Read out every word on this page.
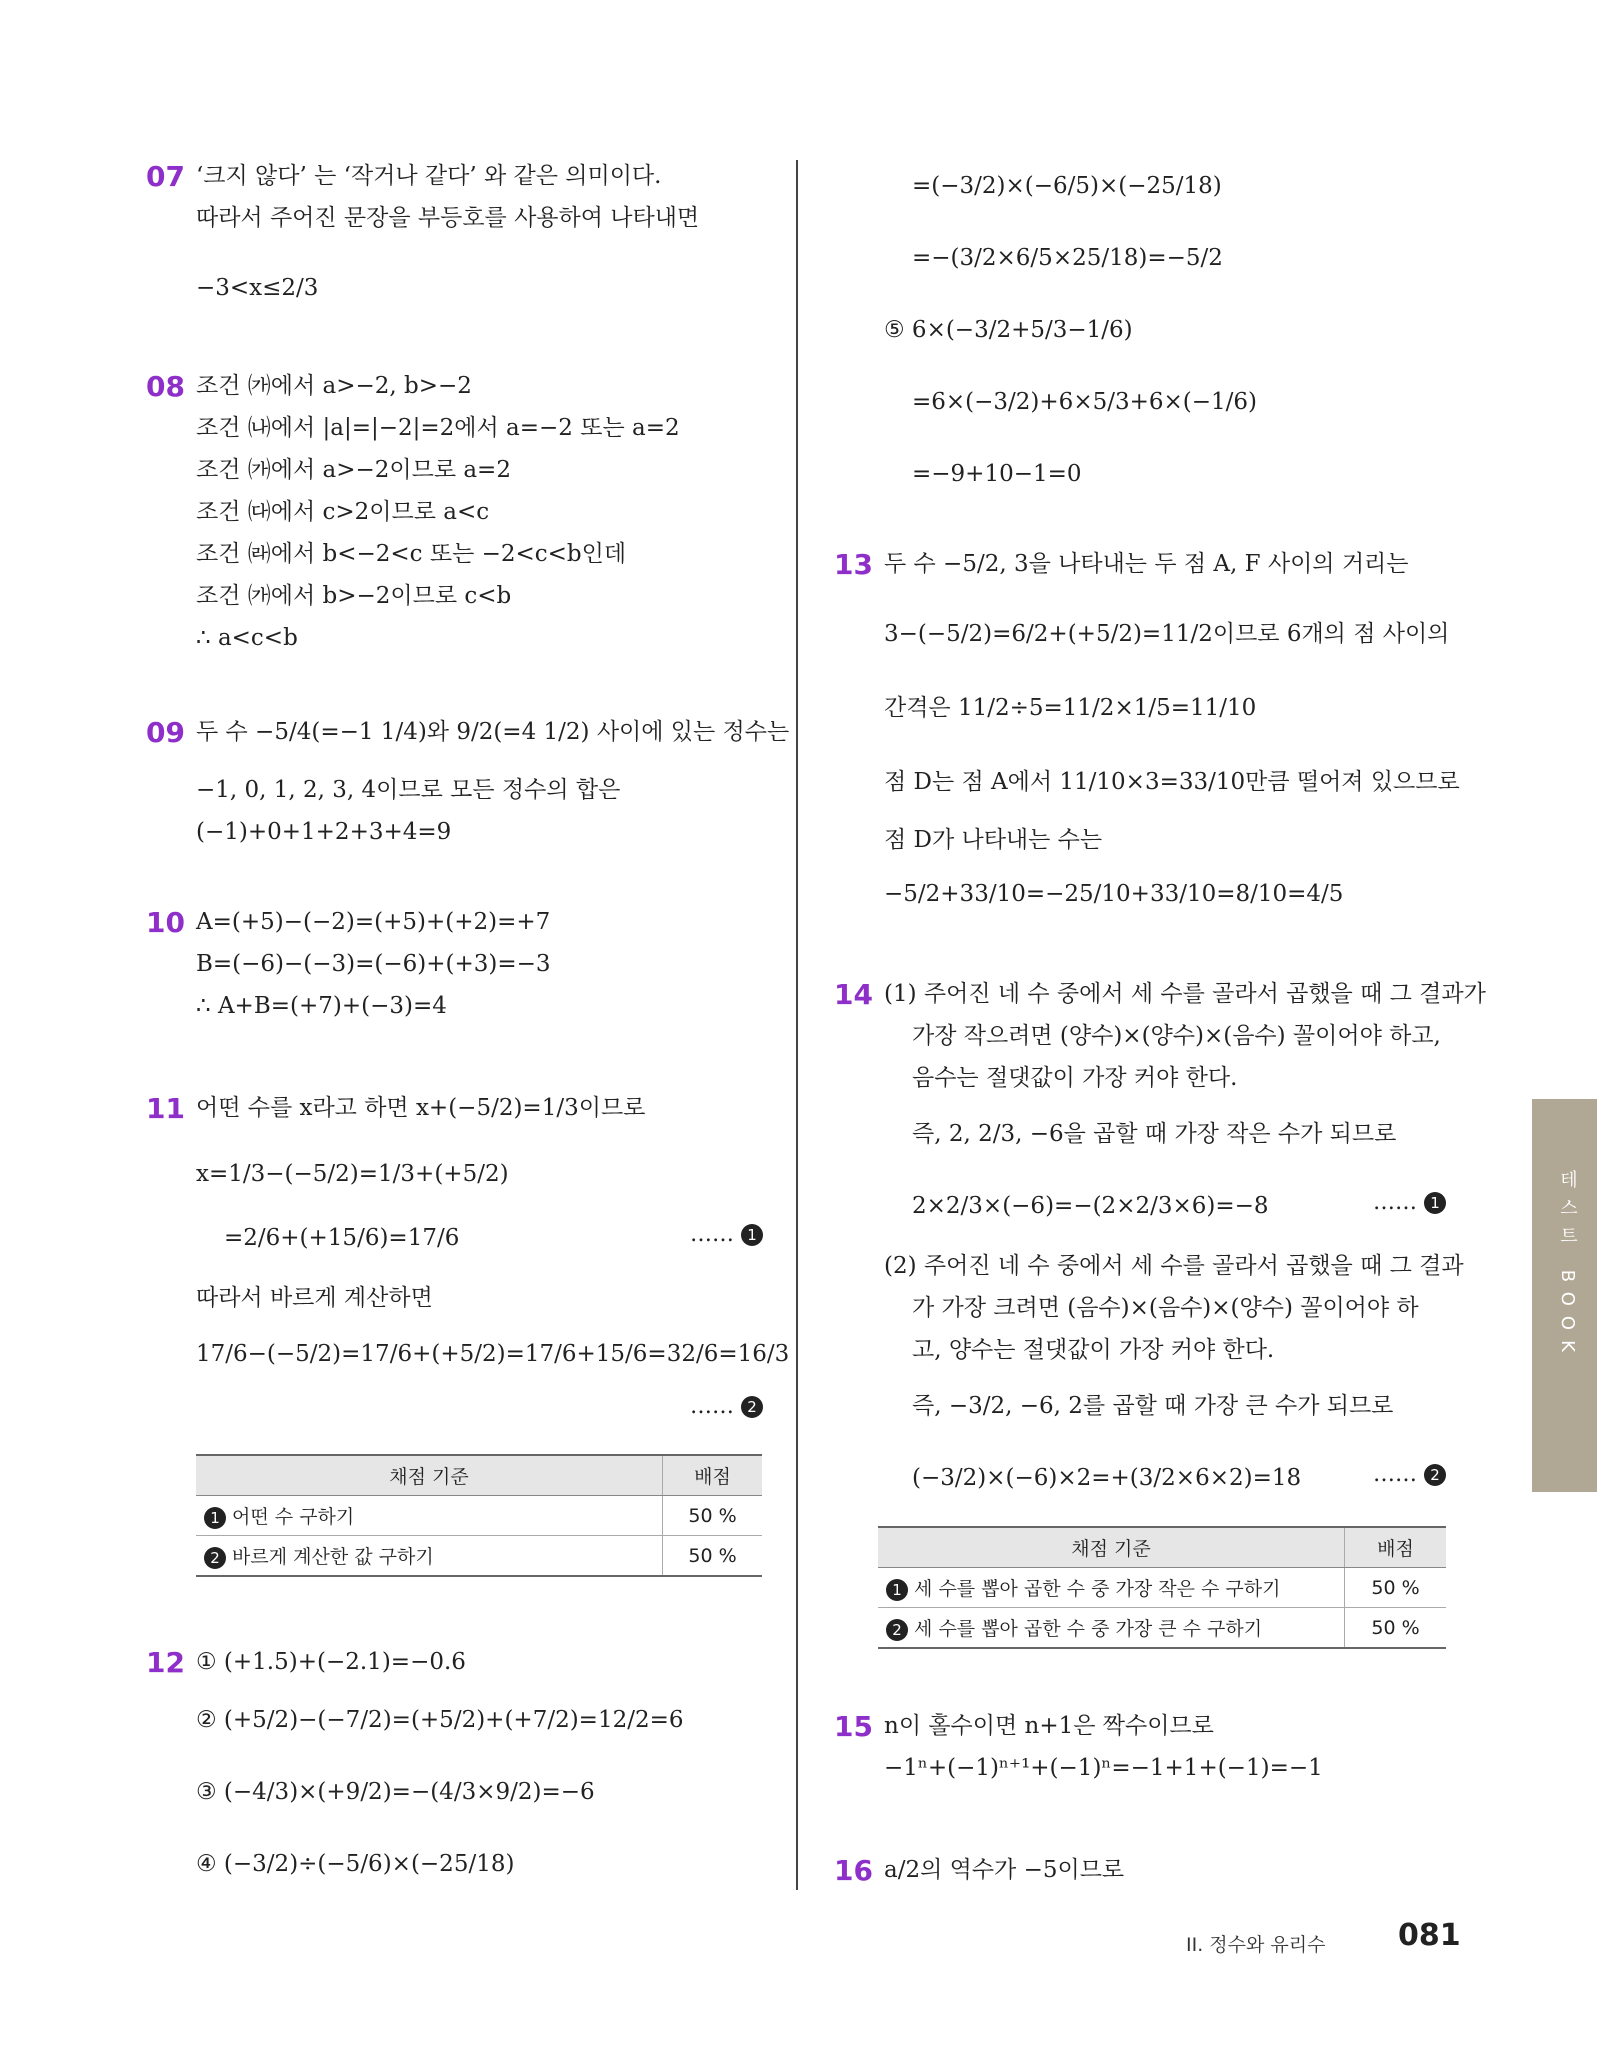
07 ‘크지 않다’ 는 ‘작거나 같다’ 와 같은 의미이다.
따라서 주어진 문장을 부등호를 사용하여 나타내면
−3<x≤2/3
08 조건 ㈎에서 a>−2, b>−2
조건 ㈏에서 |a|=|−2|=2에서 a=−2 또는 a=2
조건 ㈎에서 a>−2이므로 a=2
조건 ㈐에서 c>2이므로 a<c
조건 ㈑에서 b<−2<c 또는 −2<c<b인데
조건 ㈎에서 b>−2이므로 c<b
∴ a<c<b
09 두 수 −5/4(=−1 1/4)와 9/2(=4 1/2) 사이에 있는 정수는
−1, 0, 1, 2, 3, 4이므로 모든 정수의 합은
(−1)+0+1+2+3+4=9
10 A=(+5)−(−2)=(+5)+(+2)=+7
B=(−6)−(−3)=(−6)+(+3)=−3
∴ A+B=(+7)+(−3)=4
11 어떤 수를 x라고 하면 x+(−5/2)=1/3이므로
x=1/3−(−5/2)=1/3+(+5/2)
=2/6+(+15/6)=17/6	…… 1
따라서 바르게 계산하면
17/6−(−5/2)=17/6+(+5/2)=17/6+15/6=32/6=16/3
…… 2
채점 기준	배점
1 어떤 수 구하기	50 %
2 바르게 계산한 값 구하기	50 %
12 ① (+1.5)+(−2.1)=−0.6
② (+5/2)−(−7/2)=(+5/2)+(+7/2)=12/2=6
③ (−4/3)×(+9/2)=−(4/3×9/2)=−6
④ (−3/2)÷(−5/6)×(−25/18)
=(−3/2)×(−6/5)×(−25/18)
=−(3/2×6/5×25/18)=−5/2
⑤ 6×(−3/2+5/3−1/6)
=6×(−3/2)+6×5/3+6×(−1/6)
=−9+10−1=0
13 두 수 −5/2, 3을 나타내는 두 점 A, F 사이의 거리는
3−(−5/2)=6/2+(+5/2)=11/2이므로 6개의 점 사이의
간격은 11/2÷5=11/2×1/5=11/10
점 D는 점 A에서 11/10×3=33/10만큼 떨어져 있으므로
점 D가 나타내는 수는
−5/2+33/10=−25/10+33/10=8/10=4/5
14 (1) 주어진 네 수 중에서 세 수를 골라서 곱했을 때 그 결과가
가장 작으려면 (양수)×(양수)×(음수) 꼴이어야 하고,
음수는 절댓값이 가장 커야 한다.
즉, 2, 2/3, −6을 곱할 때 가장 작은 수가 되므로
2×2/3×(−6)=−(2×2/3×6)=−8	…… 1
(2) 주어진 네 수 중에서 세 수를 골라서 곱했을 때 그 결과
가 가장 크려면 (음수)×(음수)×(양수) 꼴이어야 하
고, 양수는 절댓값이 가장 커야 한다.
즉, −3/2, −6, 2를 곱할 때 가장 큰 수가 되므로
(−3/2)×(−6)×2=+(3/2×6×2)=18	…… 2
채점 기준	배점
1 세 수를 뽑아 곱한 수 중 가장 작은 수 구하기	50 %
2 세 수를 뽑아 곱한 수 중 가장 큰 수 구하기	50 %
15 n이 홀수이면 n+1은 짝수이므로
−1ⁿ+(−1)ⁿ⁺¹+(−1)ⁿ=−1+1+(−1)=−1
16 a/2의 역수가 −5이므로
테스트 BOOK
II. 정수와 유리수 081
